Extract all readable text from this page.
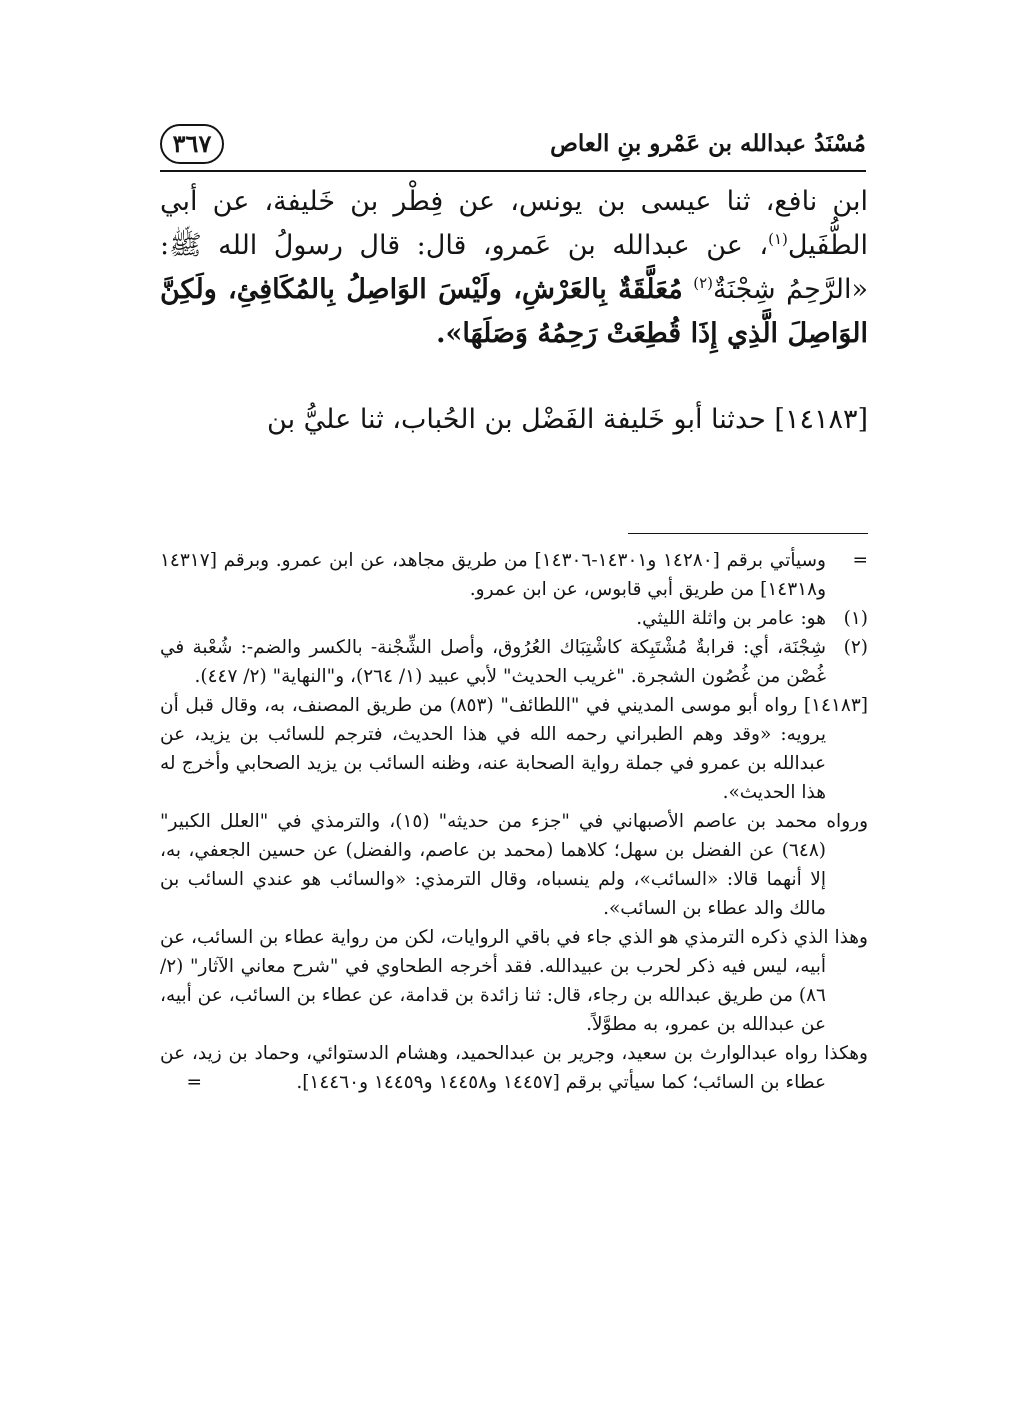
مُسْنَدُ عبدالله بن عَمْرو بنِ العاص
٣٦٧

ابن نافع، ثنا عيسى بن يونس، عن فِطْر بن خَليفة، عن أبي الطُّفَيل$^{(١)}$، عن عبدالله بن عَمرو، قال: قال رسولُ الله ﷺ: «الرَّحِمُ شِجْنَةٌ$^{(٢)}$ مُعَلَّقَةٌ بِالعَرْشِ، ولَيْسَ الوَاصِلُ بِالمُكَافِئِ، ولَكِنَّ الوَاصِلَ الَّذِي إِذَا قُطِعَتْ رَحِمُهُ وَصَلَهَا».

[١٤١٨٣] حدثنا أبو خَليفة الفَضْل بن الحُباب، ثنا عليُّ بن

=
وسيأتي برقم [١٤٢٨٠ و١٤٣٠١-١٤٣٠٦] من طريق مجاهد، عن ابن عمرو. وبرقم [١٤٣١٧ و١٤٣١٨] من طريق أبي قابوس، عن ابن عمرو.

(١)
هو: عامر بن واثلة الليثي.

(٢)
شِجْنَة، أي: قرابةٌ مُشْتَبِكة كاشْتِبَاك العُرُوق، وأصل الشِّجْنة- بالكسر والضم-: شُعْبة في غُصْن من غُصُون الشجرة. "غريب الحديث" لأبي عبيد (١/ ٢٦٤)، و"النهاية" (٢/ ٤٤٧).

[١٤١٨٣] رواه أبو موسى المديني في "اللطائف" (٨٥٣) من طريق المصنف، به، وقال قبل أن يرويه: «وقد وهم الطبراني رحمه الله في هذا الحديث، فترجم للسائب بن يزيد، عن عبدالله بن عمرو في جملة رواية الصحابة عنه، وظنه السائب بن يزيد الصحابي وأخرج له هذا الحديث».

ورواه محمد بن عاصم الأصبهاني في "جزء من حديثه" (١٥)، والترمذي في "العلل الكبير" (٦٤٨) عن الفضل بن سهل؛ كلاهما (محمد بن عاصم، والفضل) عن حسين الجعفي، به، إلا أنهما قالا: «السائب»، ولم ينسباه، وقال الترمذي: «والسائب هو عندي السائب بن مالك والد عطاء بن السائب».

وهذا الذي ذكره الترمذي هو الذي جاء في باقي الروايات، لكن من رواية عطاء بن السائب، عن أبيه، ليس فيه ذكر لحرب بن عبيدالله. فقد أخرجه الطحاوي في "شرح معاني الآثار" (٢/ ٨٦) من طريق عبدالله بن رجاء، قال: ثنا زائدة بن قدامة، عن عطاء بن السائب، عن أبيه، عن عبدالله بن عمرو، به مطوَّلاً.

وهكذا رواه عبدالوارث بن سعيد، وجرير بن عبدالحميد، وهشام الدستوائي، وحماد بن زيد، عن عطاء بن السائب؛ كما سيأتي برقم [١٤٤٥٧ و١٤٤٥٨ و١٤٤٥٩ و١٤٤٦٠].
=
